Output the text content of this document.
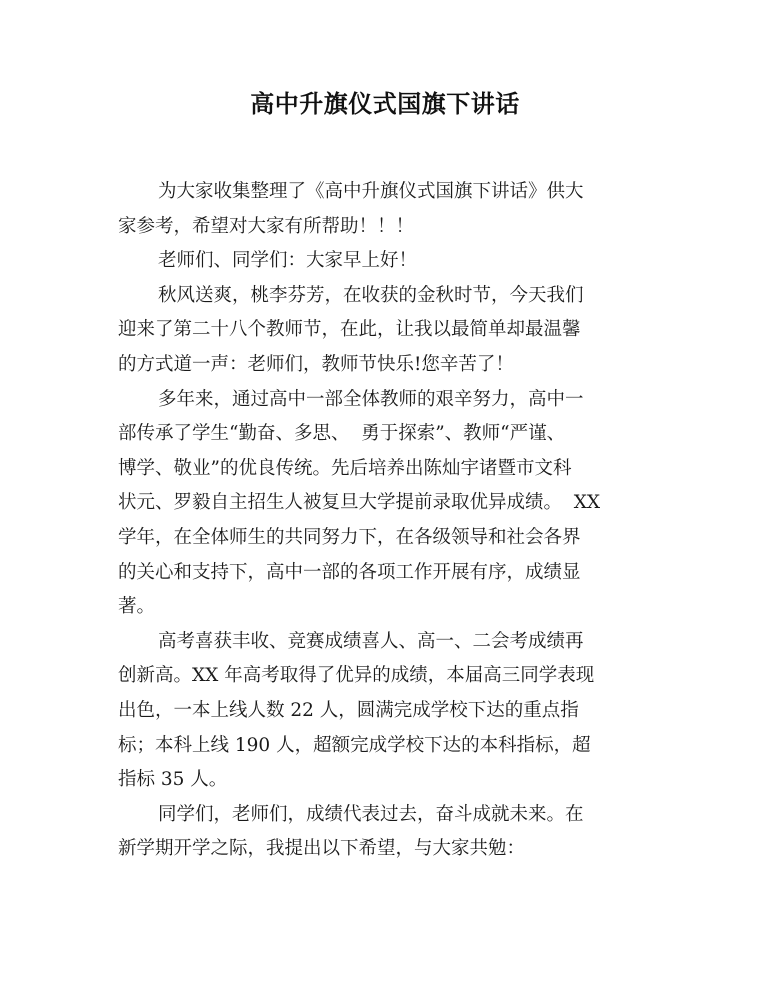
高中升旗仪式国旗下讲话
为大家收集整理了《高中升旗仪式国旗下讲话》供大
家参考，希望对大家有所帮助！！！
老师们、同学们：大家早上好！
秋风送爽，桃李芬芳，在收获的金秋时节，今天我们
迎来了第二十八个教师节，在此，让我以最简单却最温馨
的方式道一声：老师们，教师节快乐!您辛苦了！
多年来，通过高中一部全体教师的艰辛努力，高中一
部传承了学生“勤奋、多思、  勇于探索”、教师“严谨、
博学、敬业”的优良传统。先后培养出陈灿宇诸暨市文科
状元、罗毅自主招生人被复旦大学提前录取优异成绩。  XX
学年，在全体师生的共同努力下，在各级领导和社会各界
的关心和支持下，高中一部的各项工作开展有序，成绩显
著。
高考喜获丰收、竞赛成绩喜人、高一、二会考成绩再
创新高。XX 年高考取得了优异的成绩，本届高三同学表现
出色，一本上线人数 22 人，圆满完成学校下达的重点指
标；本科上线 190 人，超额完成学校下达的本科指标，超
指标 35 人。
同学们，老师们，成绩代表过去，奋斗成就未来。在
新学期开学之际，我提出以下希望，与大家共勉：
